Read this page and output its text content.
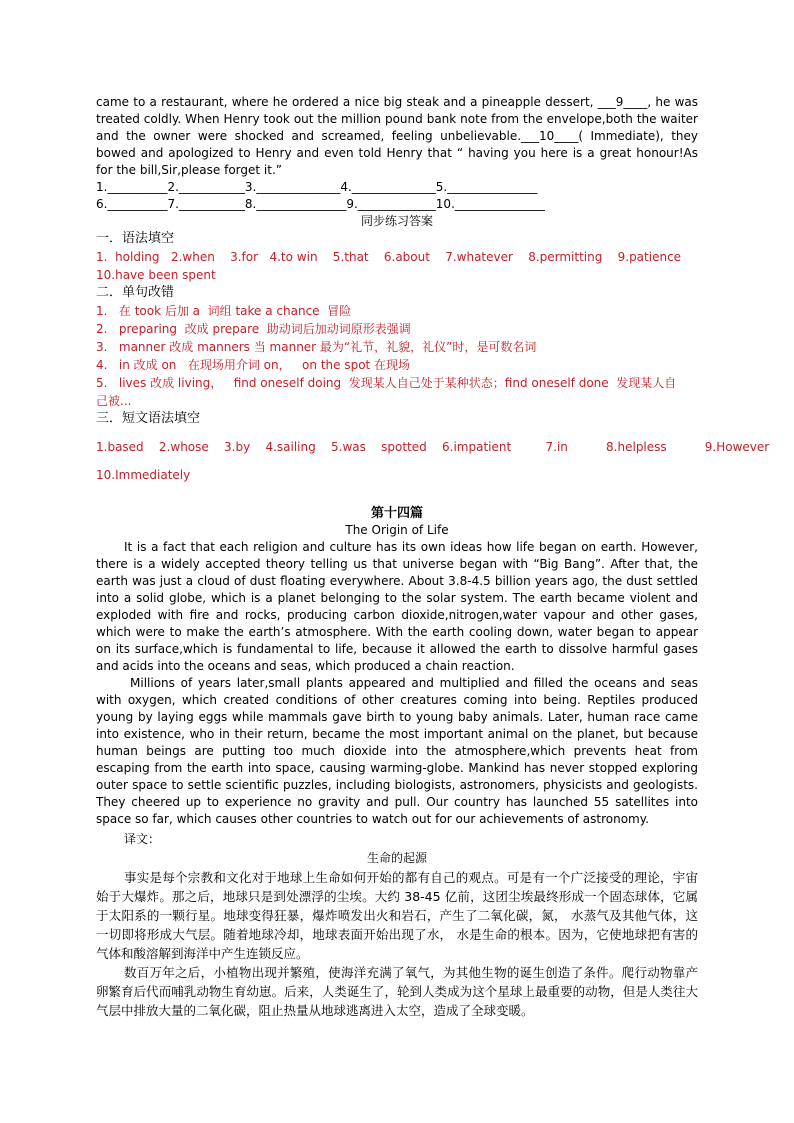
came to a restaurant, where he ordered a nice big steak and a pineapple dessert, ___9____, he was treated coldly. When Henry took out the million pound bank note from the envelope,both the waiter and the owner were shocked and screamed, feeling unbelievable.___10____( Immediate), they bowed and apologized to Henry and even told Henry that “ having you here is a great honour!As for the bill,Sir,please forget it.”

1.__________2.___________3.______________4.______________5._______________

6.__________7.___________8._______________9._____________10._______________

同步练习答案

一．语法填空

1.  holding   2.when    3.for   4.to win    5.that    6.about    7.whatever    8.permitting    9.patience

10.have been spent

二．单句改错

1.   在 took 后加 a  词组 take a chance  冒险

2.   preparing  改成 prepare  助动词后加动词原形表强调

3.   manner 改成 manners 当 manner 最为“礼节，礼貌，礼仪”时，是可数名词

4.   in 改成 on   在现场用介词 on，   on the spot 在现场

5.   lives 改成 living，   find oneself doing  发现某人自己处于某种状态；find oneself done  发现某人自

己被...

三．短文语法填空

1.based    2.whose    3.by    4.sailing    5.was    spotted    6.impatient         7.in          8.helpless          9.However

10.Immediately

第十四篇

The Origin of Life

It is a fact that each religion and culture has its own ideas how life began on earth. However, there is a widely accepted theory telling us that universe began with “Big Bang”. After that, the earth was just a cloud of dust floating everywhere. About 3.8-4.5 billion years ago, the dust settled into a solid globe, which is a planet belonging to the solar system. The earth became violent and exploded with fire and rocks, producing carbon dioxide,nitrogen,water vapour and other gases, which were to make the earth’s atmosphere. With the earth cooling down, water began to appear on its surface,which is fundamental to life, because it allowed the earth to dissolve harmful gases and acids into the oceans and seas, which produced a chain reaction.

Millions of years later,small plants appeared and multiplied and filled the oceans and seas with oxygen, which created conditions of other creatures coming into being. Reptiles produced young by laying eggs while mammals gave birth to young baby animals. Later, human race came into existence, who in their return, became the most important animal on the planet, but because human beings are putting too much dioxide into the atmosphere,which prevents heat from escaping from the earth into space, causing warming-globe. Mankind has never stopped exploring outer space to settle scientific puzzles, including biologists, astronomers, physicists and geologists. They cheered up to experience no gravity and pull. Our country has launched 55 satellites into space so far, which causes other countries to watch out for our achievements of astronomy.

译文：

生命的起源

事实是每个宗教和文化对于地球上生命如何开始的都有自己的观点。可是有一个广泛接受的理论，宇宙始于大爆炸。那之后，地球只是到处漂浮的尘埃。大约 38-45 亿前，这团尘埃最终形成一个固态球体，它属于太阳系的一颗行星。地球变得狂暴，爆炸喷发出火和岩石，产生了二氧化碳，氮， 水蒸气及其他气体，这一切即将形成大气层。随着地球冷却，地球表面开始出现了水， 水是生命的根本。因为，它使地球把有害的气体和酸溶解到海洋中产生连锁反应。

数百万年之后，小植物出现并繁殖，使海洋充满了氧气，为其他生物的诞生创造了条件。爬行动物靠产卵繁育后代而哺乳动物生育幼崽。后来，人类诞生了，轮到人类成为这个星球上最重要的动物，但是人类往大气层中排放大量的二氧化碳，阻止热量从地球逃离进入太空，造成了全球变暖。
